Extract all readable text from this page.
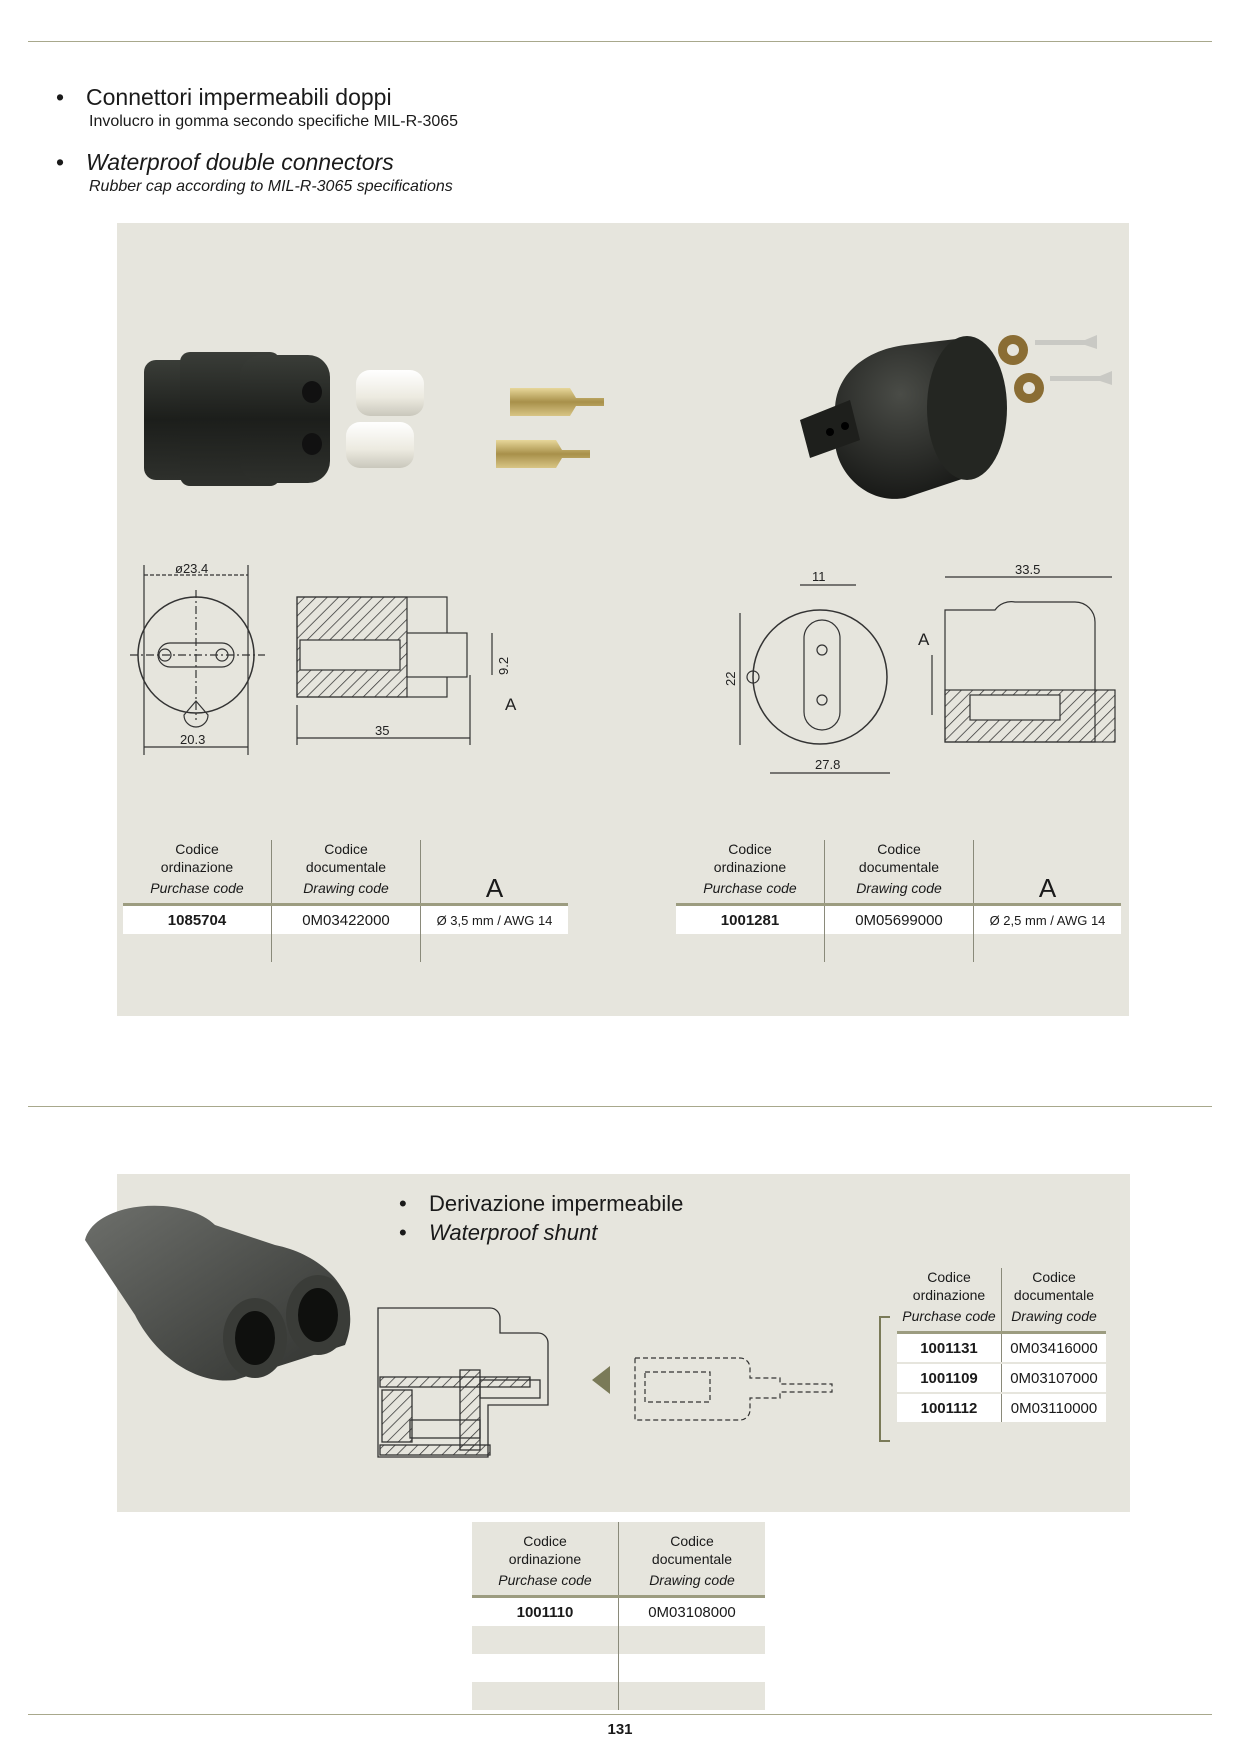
• Connettori impermeabili doppi
Involucro in gomma secondo specifiche MIL-R-3065
• Waterproof double connectors
Rubber cap according to MIL-R-3065 specifications
ø23.4
20.3
35
9.2
A
11
22
27.8
33.5
A
Codice
ordinazione
Purchase code	Codice
documentale
Drawing code	A
1085704	0M03422000	Ø 3,5 mm / AWG 14

Codice
ordinazione
Purchase code	Codice
documentale
Drawing code	A
1001281	0M05699000	Ø 2,5 mm / AWG 14

• Derivazione impermeabile
• Waterproof shunt
Codice
ordinazione
Purchase code	Codice
documentale
Drawing code

1001131	0M03416000
1001109	0M03107000
1001112	0M03110000
Codice
ordinazione
Purchase code	Codice
documentale
Drawing code

1001110	0M03108000

131
